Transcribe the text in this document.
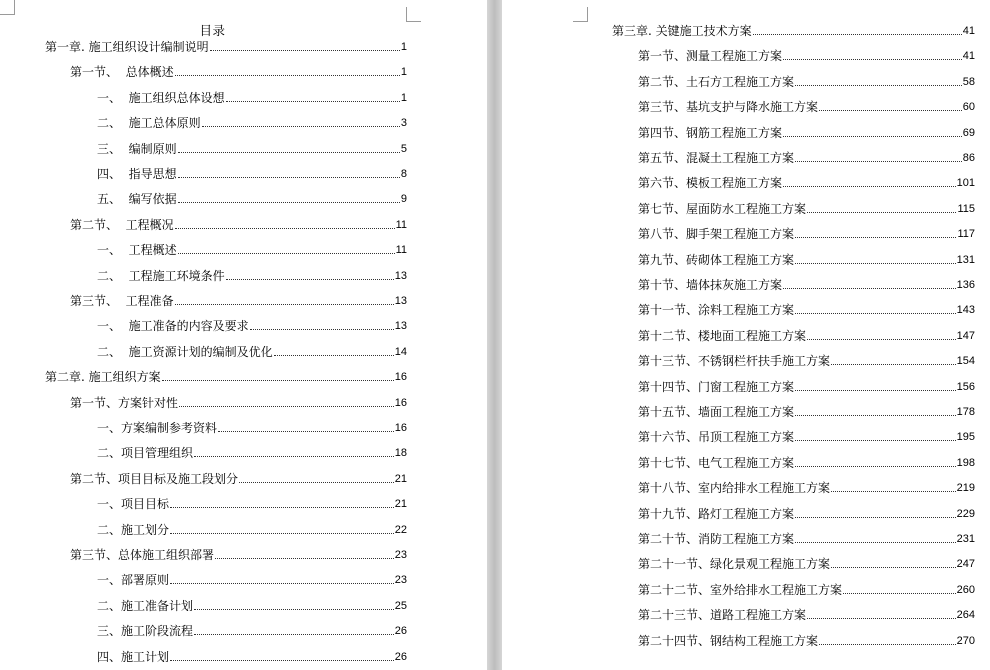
目录
第一章. 施工组织设计编制说明	1
第一节、  总体概述	1
一、  施工组织总体设想	1
二、  施工总体原则	3
三、  编制原则	5
四、  指导思想	8
五、  编写依据	9
第二节、  工程概况	11
一、  工程概述	11
二、  工程施工环境条件	13
第三节、  工程准备	13
一、  施工准备的内容及要求	13
二、  施工资源计划的编制及优化	14
第二章. 施工组织方案	16
第一节、方案针对性	16
一、方案编制参考资料	16
二、项目管理组织	18
第二节、项目目标及施工段划分	21
一、项目目标	21
二、施工划分	22
第三节、总体施工组织部署	23
一、部署原则	23
二、施工准备计划	25
三、施工阶段流程	26
四、施工计划	26
第三章. 关键施工技术方案	41
第一节、测量工程施工方案	41
第二节、土石方工程施工方案	58
第三节、基坑支护与降水施工方案	60
第四节、钢筋工程施工方案	69
第五节、混凝土工程施工方案	86
第六节、模板工程施工方案	101
第七节、屋面防水工程施工方案	115
第八节、脚手架工程施工方案	117
第九节、砖砌体工程施工方案	131
第十节、墙体抹灰施工方案	136
第十一节、涂料工程施工方案	143
第十二节、楼地面工程施工方案	147
第十三节、不锈钢栏杆扶手施工方案	154
第十四节、门窗工程施工方案	156
第十五节、墙面工程施工方案	178
第十六节、吊顶工程施工方案	195
第十七节、电气工程施工方案	198
第十八节、室内给排水工程施工方案	219
第十九节、路灯工程施工方案	229
第二十节、消防工程施工方案	231
第二十一节、绿化景观工程施工方案	247
第二十二节、室外给排水工程施工方案	260
第二十三节、道路工程施工方案	264
第二十四节、钢结构工程施工方案	270
